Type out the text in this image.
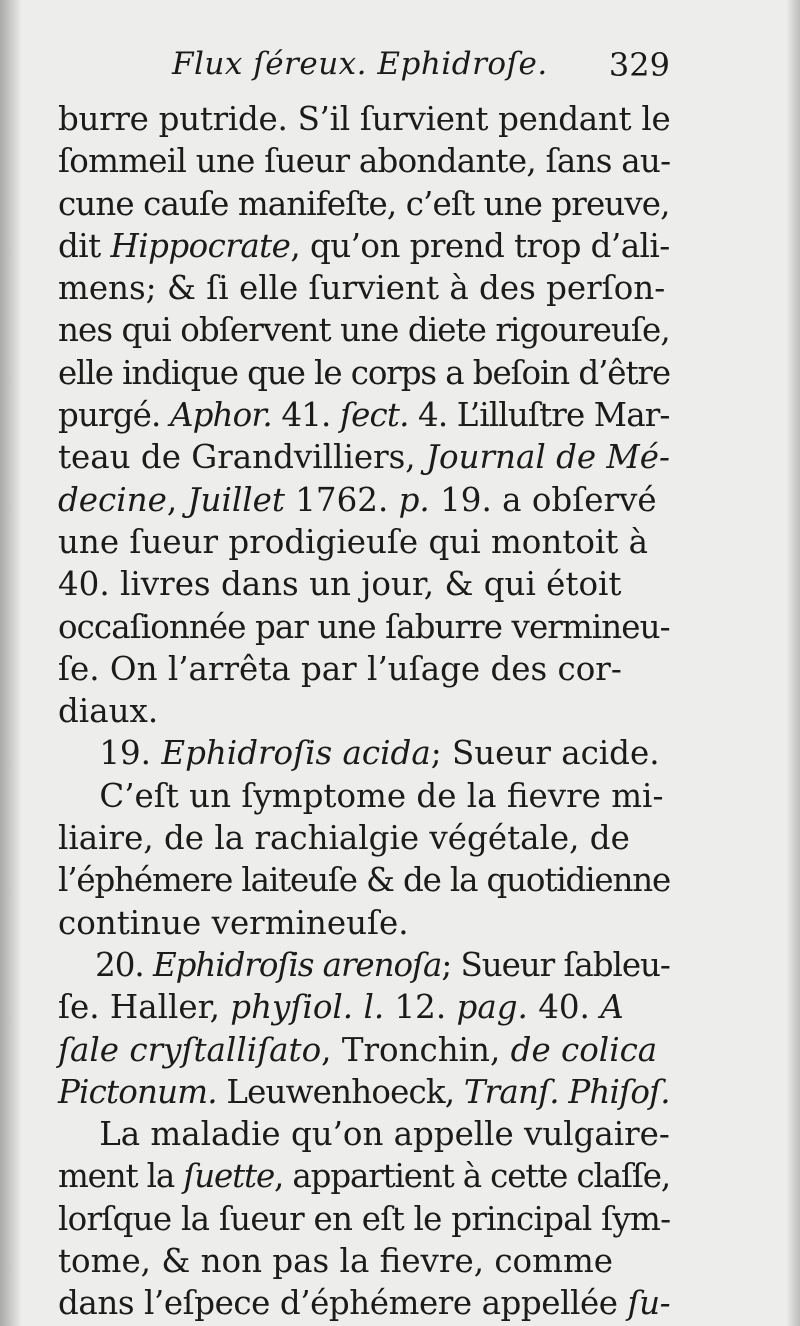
Flux ſéreux. Ephidroſe. 329
burre putride. S’il ſurvient pendant le
ſommeil une ſueur abondante, ſans au-
cune cauſe manifeſte, c’eſt une preuve,
dit Hippocrate, qu’on prend trop d’ali-
mens; & ſi elle ſurvient à des perſon-
nes qui obſervent une diete rigoureuſe,
elle indique que le corps a beſoin d’être
purgé. Aphor. 41. ſect. 4. L’illuſtre Mar-
teau de Grandvilliers, Journal de Mé-
decine, Juillet 1762. p. 19. a obſervé
une ſueur prodigieuſe qui montoit à
40. livres dans un jour, & qui étoit
occaſionnée par une ſaburre vermineu-
ſe. On l’arrêta par l’uſage des cor-
diaux.
19. Ephidroſis acida; Sueur acide.
C’eſt un ſymptome de la fievre mi-
liaire, de la rachialgie végétale, de
l’éphémere laiteuſe & de la quotidienne
continue vermineuſe.
20. Ephidroſis arenoſa; Sueur ſableu-
ſe. Haller, phyſiol. l. 12. pag. 40. A
ſale cryſtalliſato, Tronchin, de colica
Pictonum. Leuwenhoeck, Tranſ. Phiſoſ.
La maladie qu’on appelle vulgaire-
ment la ſuette, appartient à cette claſſe,
lorſque la ſueur en eſt le principal ſym-
tome, & non pas la fievre, comme
dans l’eſpece d’éphémere appellée ſu-
